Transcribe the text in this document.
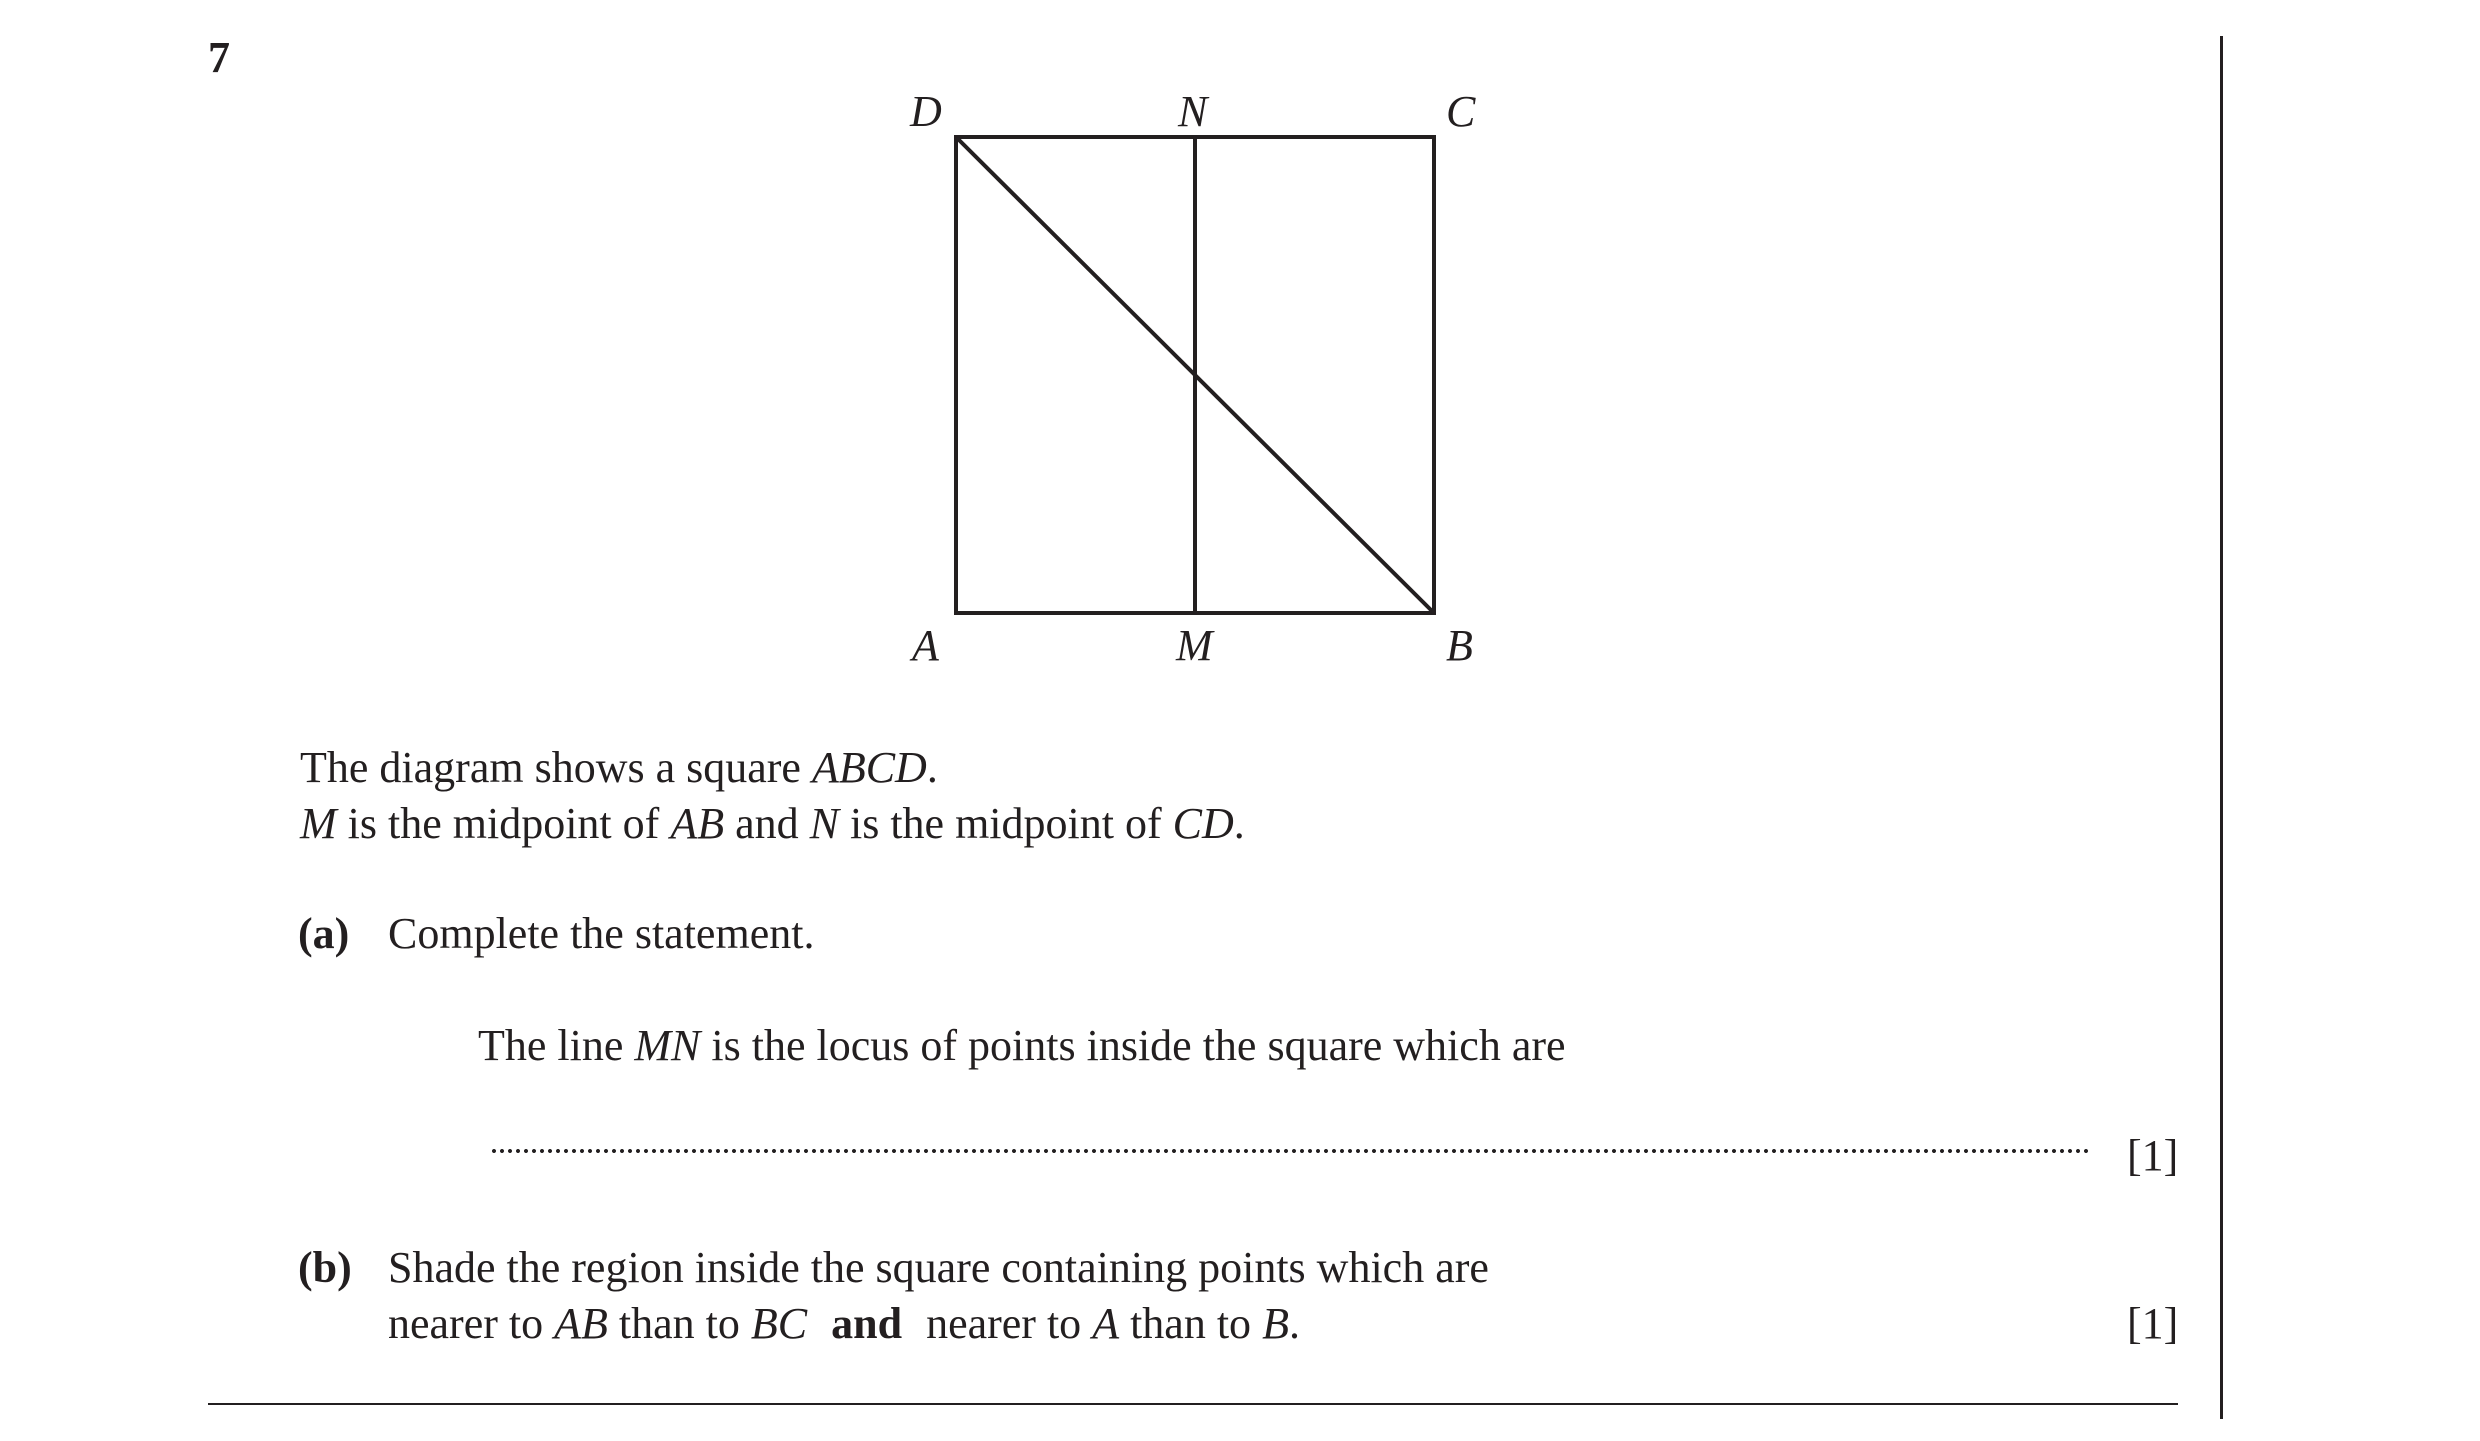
7
D	N	C
A	M	B
The diagram shows a square ABCD.
M is the midpoint of AB and N is the midpoint of CD.
(a) Complete the statement.
The line MN is the locus of points inside the square which are
[1]
(b) Shade the region inside the square containing points which are
nearer to AB than to BC and nearer to A than to B.	[1]
